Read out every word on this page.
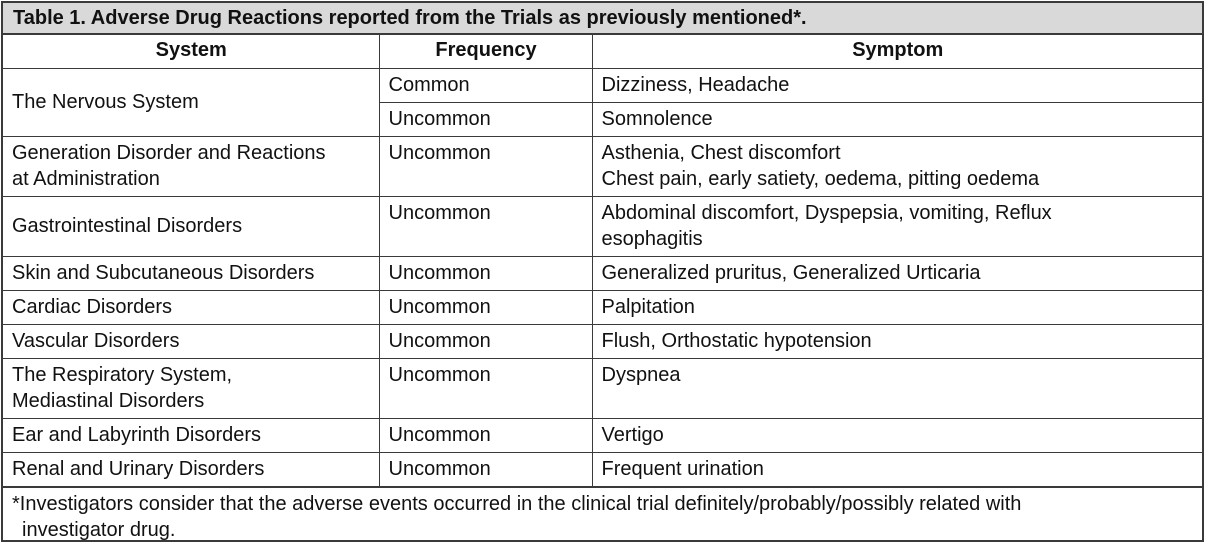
Table 1. Adverse Drug Reactions reported from the Trials as previously mentioned*.
System	Frequency	Symptom
The Nervous System	Common	Dizziness, Headache
	Uncommon	Somnolence

Generation Disorder and Reactions
at Administration	Uncommon	Asthenia, Chest discomfort
Chest pain, early satiety, oedema, pitting oedema

Gastrointestinal Disorders	Uncommon	Abdominal discomfort, Dyspepsia, vomiting, Reflux
esophagitis

Skin and Subcutaneous Disorders	Uncommon	Generalized pruritus, Generalized Urticaria
Cardiac Disorders	Uncommon	Palpitation
Vascular Disorders	Uncommon	Flush, Orthostatic hypotension

The Respiratory System,
Mediastinal Disorders	Uncommon	Dyspnea
Ear and Labyrinth Disorders	Uncommon	Vertigo
Renal and Urinary Disorders	Uncommon	Frequent urination
*Investigators consider that the adverse events occurred in the clinical trial definitely/probably/possibly related with
investigator drug.
